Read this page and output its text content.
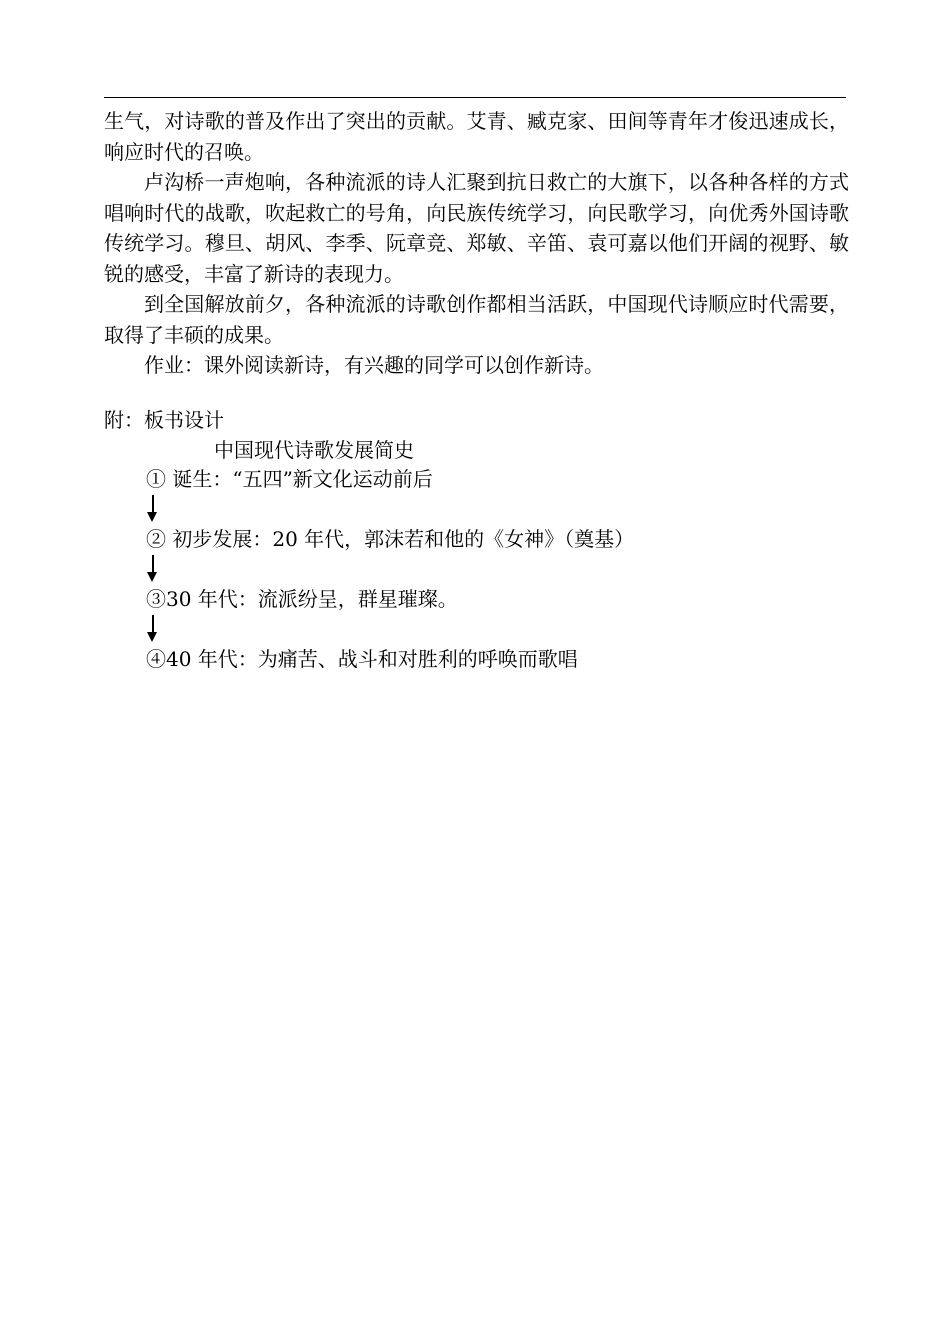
生气，对诗歌的普及作出了突出的贡献。艾青、臧克家、田间等青年才俊迅速成长，响应时代的召唤。

卢沟桥一声炮响，各种流派的诗人汇聚到抗日救亡的大旗下，以各种各样的方式唱响时代的战歌，吹起救亡的号角，向民族传统学习，向民歌学习，向优秀外国诗歌传统学习。穆旦、胡风、李季、阮章竞、郑敏、辛笛、袁可嘉以他们开阔的视野、敏锐的感受，丰富了新诗的表现力。

到全国解放前夕，各种流派的诗歌创作都相当活跃，中国现代诗顺应时代需要，取得了丰硕的成果。

作业：课外阅读新诗，有兴趣的同学可以创作新诗。

附：板书设计
中国现代诗歌发展简史
① 诞生：“五四”新文化运动前后
② 初步发展：20 年代，郭沫若和他的《女神》（奠基）
③30 年代：流派纷呈，群星璀璨。
④40 年代：为痛苦、战斗和对胜利的呼唤而歌唱
